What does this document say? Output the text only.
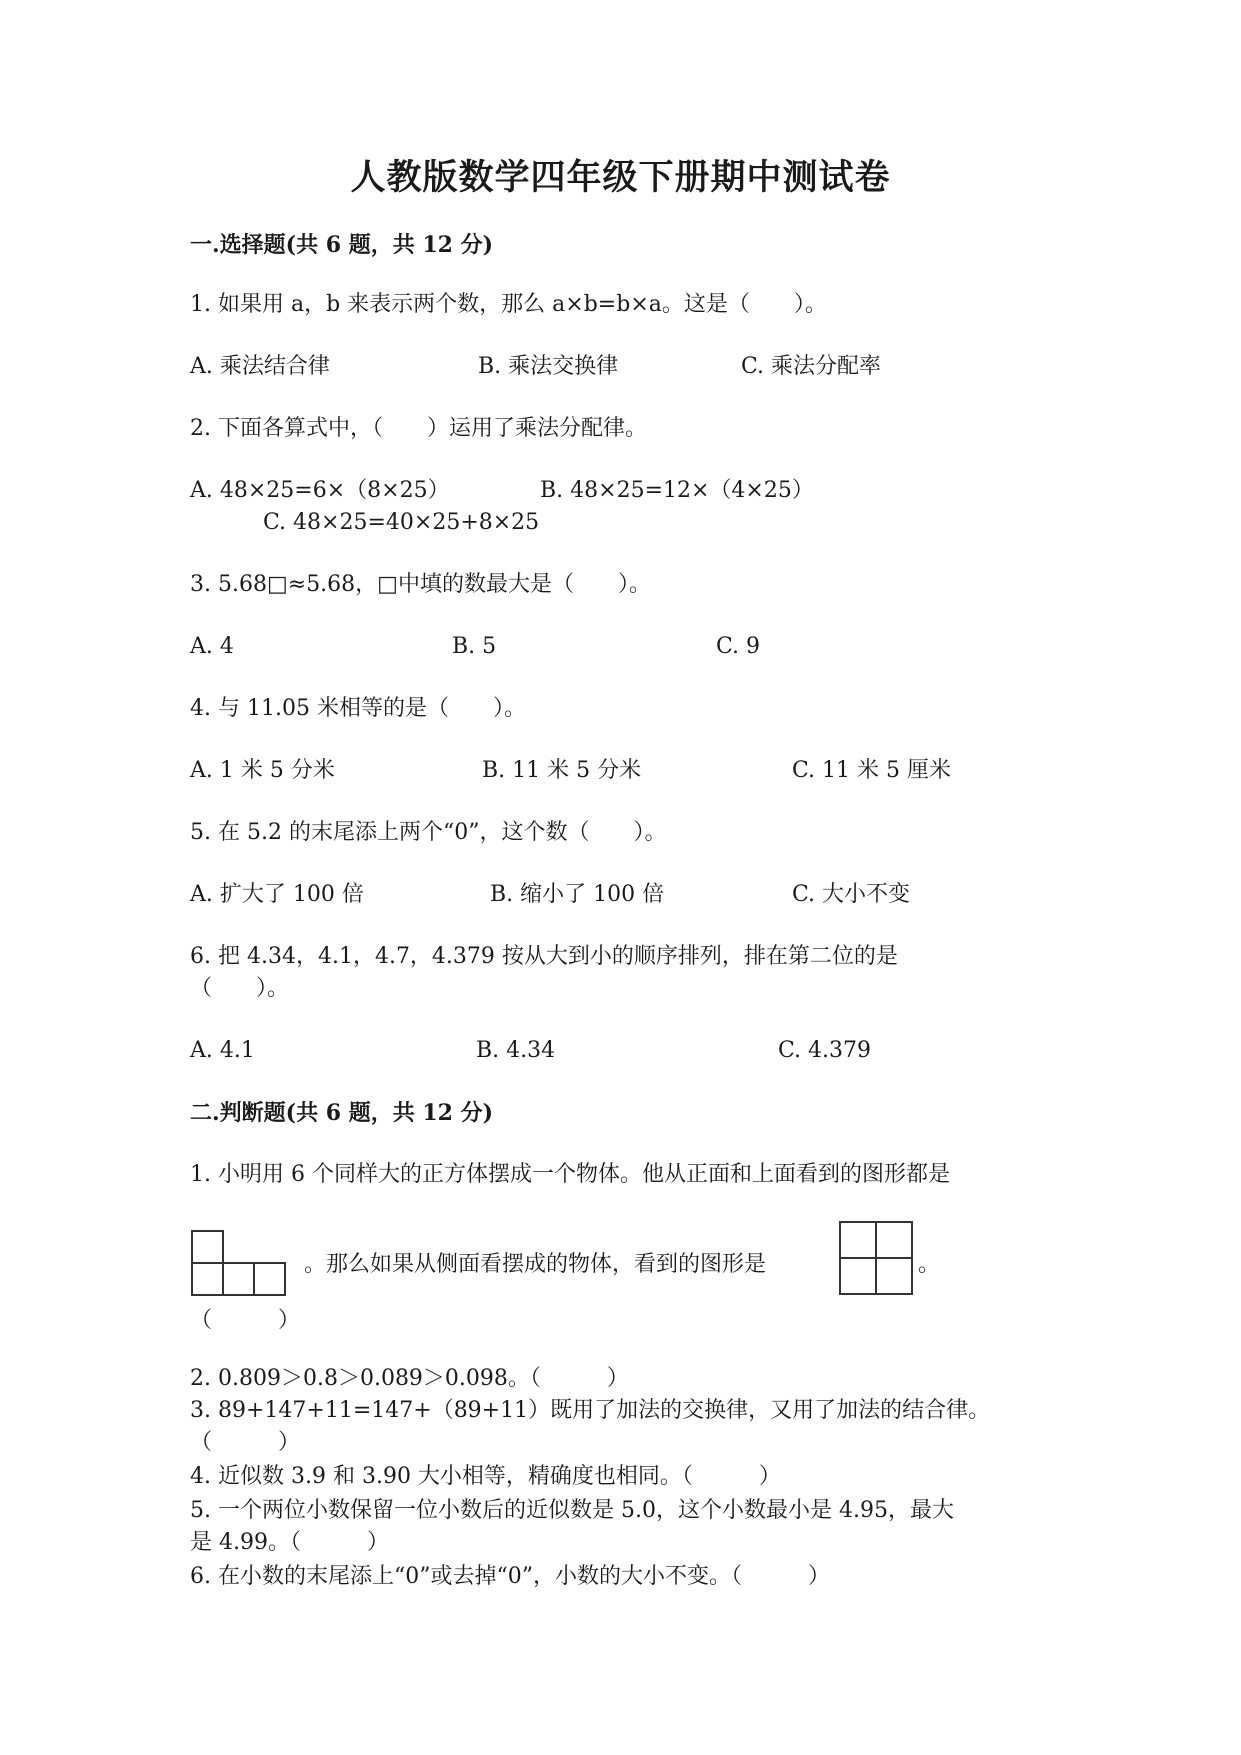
人教版数学四年级下册期中测试卷
一.选择题(共 6 题，共 12 分)
1. 如果用 a，b 来表示两个数，那么 a×b=b×a。这是（　　）。
A. 乘法结合律	B. 乘法交换律	C. 乘法分配率
2. 下面各算式中，（　　）运用了乘法分配律。
A. 48×25=6×（8×25）	B. 48×25=12×（4×25）
C. 48×25=40×25+8×25
3. 5.68□≈5.68，□中填的数最大是（　　）。
A. 4	B. 5	C. 9
4. 与 11.05 米相等的是（　　）。
A. 1 米 5 分米	B. 11 米 5 分米	C. 11 米 5 厘米
5. 在 5.2 的末尾添上两个“0”，这个数（　　）。
A. 扩大了 100 倍	B. 缩小了 100 倍	C. 大小不变
6. 把 4.34，4.1，4.7，4.379 按从大到小的顺序排列，排在第二位的是
（　　）。
A. 4.1	B. 4.34	C. 4.379
二.判断题(共 6 题，共 12 分)
1. 小明用 6 个同样大的正方体摆成一个物体。他从正面和上面看到的图形都是
。那么如果从侧面看摆成的物体，看到的图形是	。
（　　　）
2. 0.809＞0.8＞0.089＞0.098。（　　　）
3. 89+147+11=147+（89+11）既用了加法的交换律，又用了加法的结合律。
（　　　）
4. 近似数 3.9 和 3.90 大小相等，精确度也相同。（　　　）
5. 一个两位小数保留一位小数后的近似数是 5.0，这个小数最小是 4.95，最大
是 4.99。（　　　）
6. 在小数的末尾添上“0”或去掉“0”，小数的大小不变。（　　　）
